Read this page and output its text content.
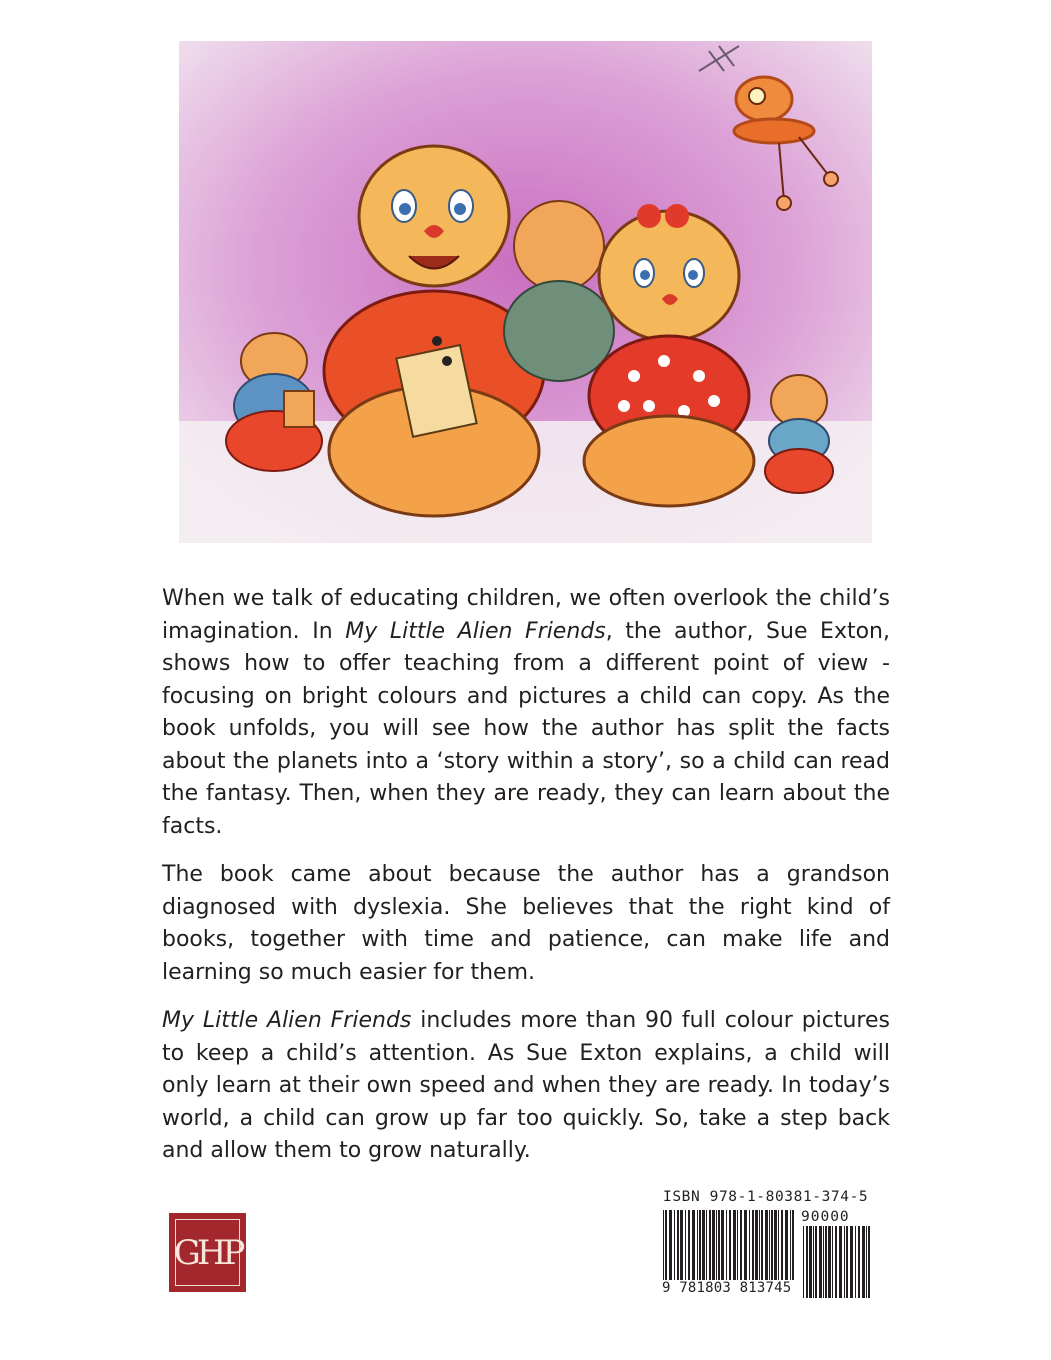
When we talk of educating children, we often overlook the child’s imagination. In My Little Alien Friends, the author, Sue Exton, shows how to offer teaching from a different point of view - focusing on bright colours and pictures a child can copy. As the book unfolds, you will see how the author has split the facts about the planets into a ‘story within a story’, so a child can read the fantasy. Then, when they are ready, they can learn about the facts.

The book came about because the author has a grandson diagnosed with dyslexia. She believes that the right kind of books, together with time and patience, can make life and learning so much easier for them.

My Little Alien Friends includes more than 90 full colour pictures to keep a child’s attention. As Sue Exton explains, a child will only learn at their own speed and when they are ready. In today’s world, a child can grow up far too quickly. So, take a step back and allow them to grow naturally.

GHP
ISBN 978-1-80381-374-5
90000
9 781803 813745
